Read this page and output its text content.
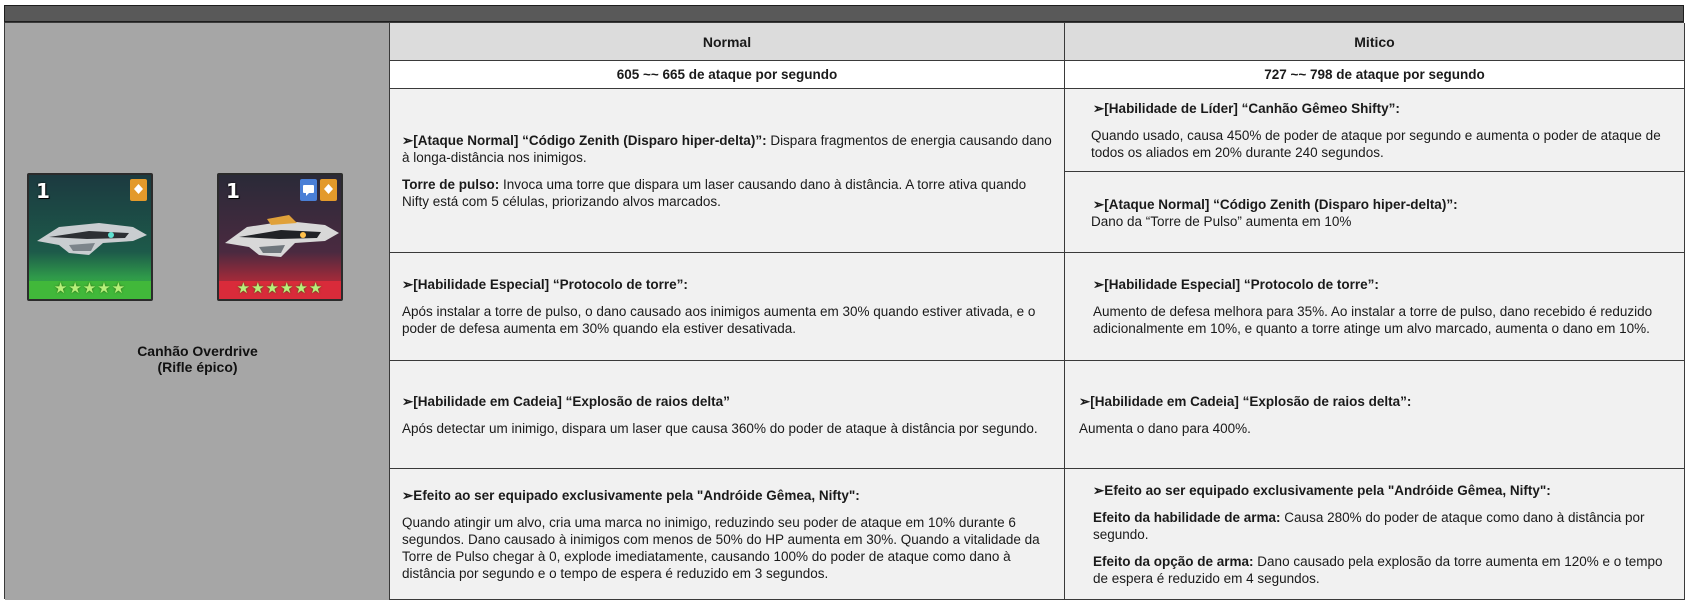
1
★★★★★
1
★★★★★★
Canhão Overdrive
(Rifle épico)
Normal	Mitico
605 ~~ 665 de ataque por segundo	727 ~~ 798 de ataque por segundo

➢[Ataque Normal] “Código Zenith (Disparo hiper-delta)”: Dispara fragmentos de energia causando dano à longa-distância nos inimigos.

Torre de pulso: Invoca uma torre que dispara um laser causando dano à distância. A torre ativa quando Nifty está com 5 células, priorizando alvos marcados.

➢[Habilidade de Líder] “Canhão Gêmeo Shifty”:

Quando usado, causa 450% de poder de ataque por segundo e aumenta o poder de ataque de todos os aliados em 20% durante 240 segundos.

➢[Ataque Normal] “Código Zenith (Disparo hiper-delta)”:

Dano da “Torre de Pulso” aumenta em 10%

➢[Habilidade Especial] “Protocolo de torre”:

Após instalar a torre de pulso, o dano causado aos inimigos aumenta em 30% quando estiver ativada, e o poder de defesa aumenta em 30% quando ela estiver desativada.

➢[Habilidade Especial] “Protocolo de torre”:

Aumento de defesa melhora para 35%. Ao instalar a torre de pulso, dano recebido é reduzido adicionalmente em 10%, e quanto a torre atinge um alvo marcado, aumenta o dano em 10%.

➢[Habilidade em Cadeia] “Explosão de raios delta”

Após detectar um inimigo, dispara um laser que causa 360% do poder de ataque à distância por segundo.

➢[Habilidade em Cadeia] “Explosão de raios delta”:

Aumenta o dano para 400%.

➢Efeito ao ser equipado exclusivamente pela "Andróide Gêmea, Nifty":

Quando atingir um alvo, cria uma marca no inimigo, reduzindo seu poder de ataque em 10% durante 6 segundos. Dano causado à inimigos com menos de 50% do HP aumenta em 30%. Quando a vitalidade da Torre de Pulso chegar à 0, explode imediatamente, causando 100% do poder de ataque como dano à distância por segundo e o tempo de espera é reduzido em 3 segundos.

➢Efeito ao ser equipado exclusivamente pela "Andróide Gêmea, Nifty":

Efeito da habilidade de arma: Causa 280% do poder de ataque como dano à distância por segundo.

Efeito da opção de arma: Dano causado pela explosão da torre aumenta em 120% e o tempo de espera é reduzido em 4 segundos.
